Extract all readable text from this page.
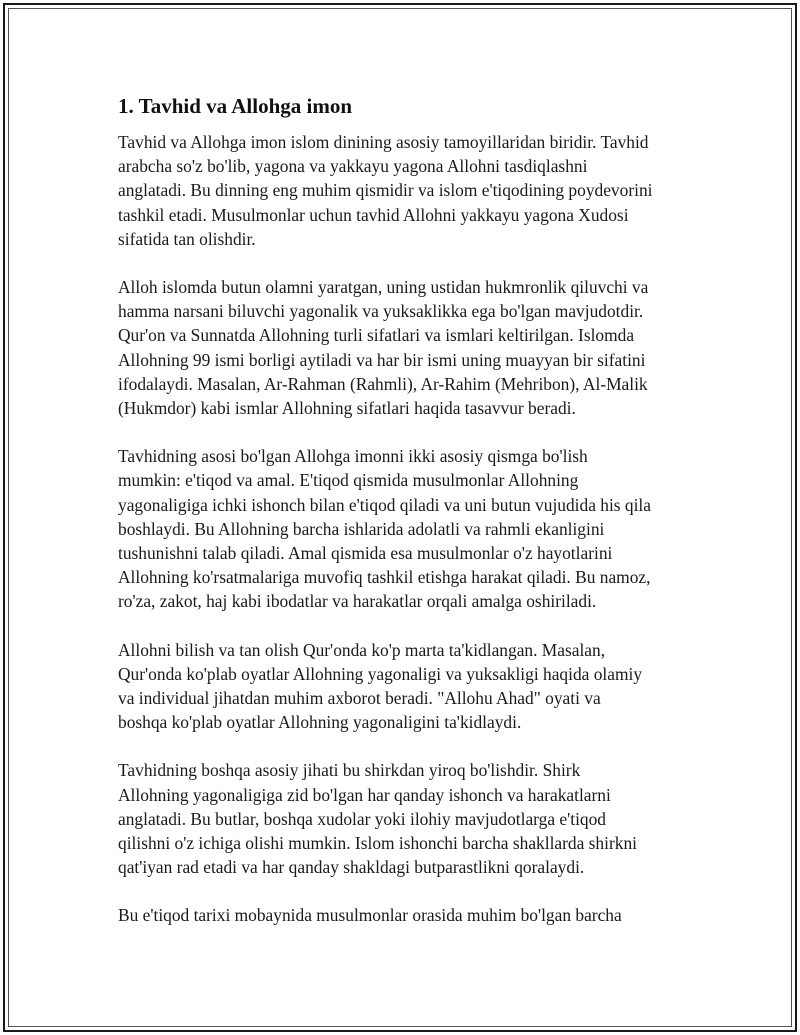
1. Tavhid va Allohga imon

Tavhid va Allohga imon islom dinining asosiy tamoyillaridan biridir. Tavhid
arabcha so'z bo'lib, yagona va yakkayu yagona Allohni tasdiqlashni
anglatadi. Bu dinning eng muhim qismidir va islom e'tiqodining poydevorini
tashkil etadi. Musulmonlar uchun tavhid Allohni yakkayu yagona Xudosi
sifatida tan olishdir.

Alloh islomda butun olamni yaratgan, uning ustidan hukmronlik qiluvchi va
hamma narsani biluvchi yagonalik va yuksaklikka ega bo'lgan mavjudotdir.
Qur'on va Sunnatda Allohning turli sifatlari va ismlari keltirilgan. Islomda
Allohning 99 ismi borligi aytiladi va har bir ismi uning muayyan bir sifatini
ifodalaydi. Masalan, Ar-Rahman (Rahmli), Ar-Rahim (Mehribon), Al-Malik
(Hukmdor) kabi ismlar Allohning sifatlari haqida tasavvur beradi.

Tavhidning asosi bo'lgan Allohga imonni ikki asosiy qismga bo'lish
mumkin: e'tiqod va amal. E'tiqod qismida musulmonlar Allohning
yagonaligiga ichki ishonch bilan e'tiqod qiladi va uni butun vujudida his qila
boshlaydi. Bu Allohning barcha ishlarida adolatli va rahmli ekanligini
tushunishni talab qiladi. Amal qismida esa musulmonlar o'z hayotlarini
Allohning ko'rsatmalariga muvofiq tashkil etishga harakat qiladi. Bu namoz,
ro'za, zakot, haj kabi ibodatlar va harakatlar orqali amalga oshiriladi.

Allohni bilish va tan olish Qur'onda ko'p marta ta'kidlangan. Masalan,
Qur'onda ko'plab oyatlar Allohning yagonaligi va yuksakligi haqida olamiy
va individual jihatdan muhim axborot beradi. "Allohu Ahad" oyati va
boshqa ko'plab oyatlar Allohning yagonaligini ta'kidlaydi.

Tavhidning boshqa asosiy jihati bu shirkdan yiroq bo'lishdir. Shirk
Allohning yagonaligiga zid bo'lgan har qanday ishonch va harakatlarni
anglatadi. Bu butlar, boshqa xudolar yoki ilohiy mavjudotlarga e'tiqod
qilishni o'z ichiga olishi mumkin. Islom ishonchi barcha shakllarda shirkni
qat'iyan rad etadi va har qanday shakldagi butparastlikni qoralaydi.

Bu e'tiqod tarixi mobaynida musulmonlar orasida muhim bo'lgan barcha
